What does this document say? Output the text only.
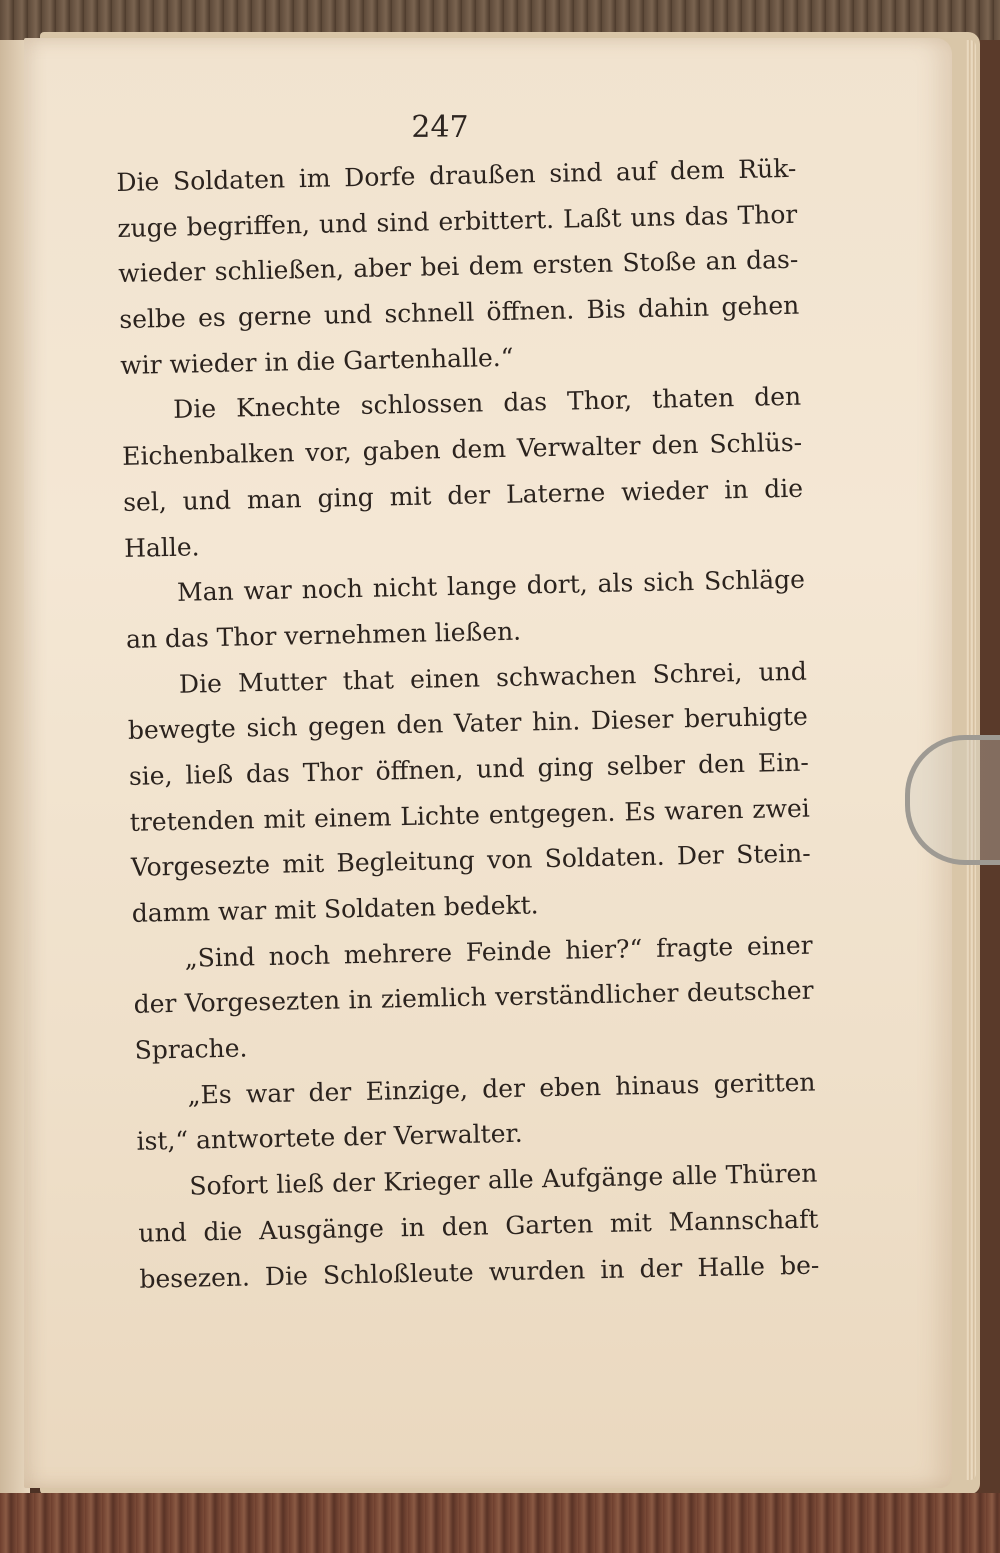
247
Die Soldaten im Dorfe draußen sind auf dem Rük-
zuge begriffen, und sind erbittert. Laßt uns das Thor
wieder schließen, aber bei dem ersten Stoße an das-
selbe es gerne und schnell öffnen. Bis dahin gehen
wir wieder in die Gartenhalle.“
Die Knechte schlossen das Thor, thaten den
Eichenbalken vor, gaben dem Verwalter den Schlüs-
sel, und man ging mit der Laterne wieder in die
Halle.
Man war noch nicht lange dort, als sich Schläge
an das Thor vernehmen ließen.
Die Mutter that einen schwachen Schrei, und
bewegte sich gegen den Vater hin. Dieser beruhigte
sie, ließ das Thor öffnen, und ging selber den Ein-
tretenden mit einem Lichte entgegen. Es waren zwei
Vorgesezte mit Begleitung von Soldaten. Der Stein-
damm war mit Soldaten bedekt.
„Sind noch mehrere Feinde hier?“ fragte einer
der Vorgesezten in ziemlich verständlicher deutscher
Sprache.
„Es war der Einzige, der eben hinaus geritten
ist,“ antwortete der Verwalter.
Sofort ließ der Krieger alle Aufgänge alle Thüren
und die Ausgänge in den Garten mit Mannschaft
besezen. Die Schloßleute wurden in der Halle be-
